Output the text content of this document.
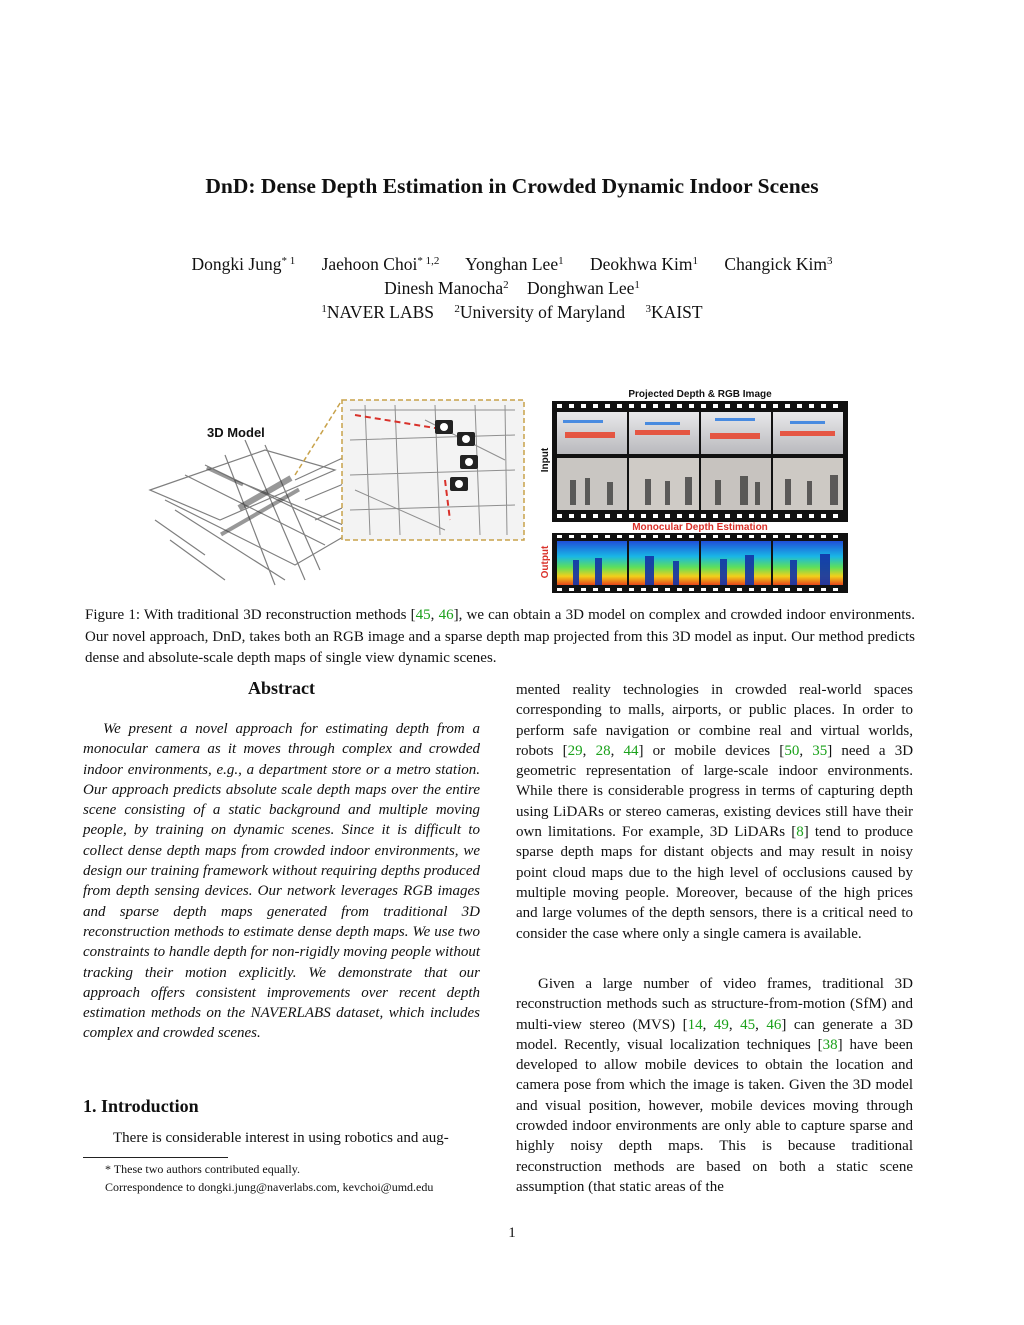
DnD: Dense Depth Estimation in Crowded Dynamic Indoor Scenes
Dongki Jung$^{* 1}$ Jaehoon Choi$^{* 1,2}$ Yonghan Lee$^1$ Deokhwa Kim$^1$ Changick Kim$^3$
Dinesh Manocha$^2$ Donghwan Lee$^1$
$^1$NAVER LABS $^2$University of Maryland $^3$KAIST
3D Model
Projected Depth & RGB Image
Input
Monocular Depth Estimation
Output
Figure 1: With traditional 3D reconstruction methods [45, 46], we can obtain a 3D model on complex and crowded indoor environments. Our novel approach, DnD, takes both an RGB image and a sparse depth map projected from this 3D model as input. Our method predicts dense and absolute-scale depth maps of single view dynamic scenes.
Abstract
We present a novel approach for estimating depth from a monocular camera as it moves through complex and crowded indoor environments, e.g., a department store or a metro station. Our approach predicts absolute scale depth maps over the entire scene consisting of a static background and multiple moving people, by training on dynamic scenes. Since it is difficult to collect dense depth maps from crowded indoor environments, we design our training framework without requiring depths produced from depth sensing devices. Our network leverages RGB images and sparse depth maps generated from traditional 3D reconstruction methods to estimate dense depth maps. We use two constraints to handle depth for non-rigidly moving people without tracking their motion explicitly. We demonstrate that our approach offers consistent improvements over recent depth estimation methods on the NAVERLABS dataset, which includes complex and crowded scenes.
1. Introduction
There is considerable interest in using robotics and aug-
* These two authors contributed equally.
Correspondence to dongki.jung@naverlabs.com, kevchoi@umd.edu
mented reality technologies in crowded real-world spaces corresponding to malls, airports, or public places. In order to perform safe navigation or combine real and virtual worlds, robots [29, 28, 44] or mobile devices [50, 35] need a 3D geometric representation of large-scale indoor environments. While there is considerable progress in terms of capturing depth using LiDARs or stereo cameras, existing devices still have their own limitations. For example, 3D LiDARs [8] tend to produce sparse depth maps for distant objects and may result in noisy point cloud maps due to the high level of occlusions caused by multiple moving people. Moreover, because of the high prices and large volumes of the depth sensors, there is a critical need to consider the case where only a single camera is available.
Given a large number of video frames, traditional 3D reconstruction methods such as structure-from-motion (SfM) and multi-view stereo (MVS) [14, 49, 45, 46] can generate a 3D model. Recently, visual localization techniques [38] have been developed to allow mobile devices to obtain the location and camera pose from which the image is taken. Given the 3D model and visual position, however, mobile devices moving through crowded indoor environments are only able to capture sparse and highly noisy depth maps. This is because traditional reconstruction methods are based on both a static scene assumption (that static areas of the
1
